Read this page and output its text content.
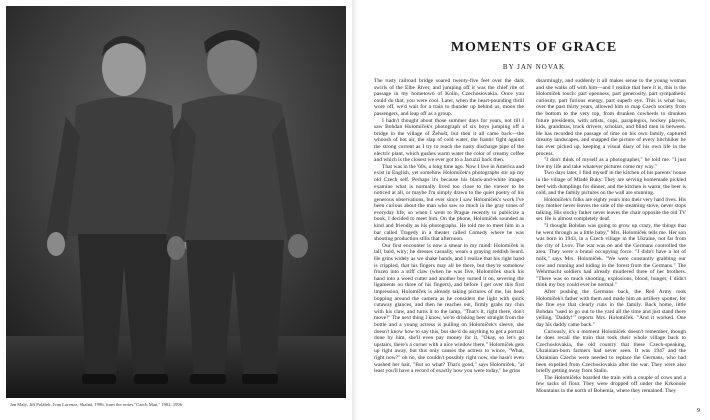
Jan Malý, Jiří Polášek, Ivan Lorenzz, Skalná, 1996, from the series "Czech Man," 1982–1996
MOMENTS OF GRACE

BY JAN NOVAK

The rusty railroad bridge soared twenty-five feet over the dark swirls of the Elbe River, and jumping off it was the chief rite of passage in my hometown of Kolín, Czechoslovakia. Once you could do that, you were cool. Later, when the heart-pounding thrill wore off, we'd wait for a train to thunder up behind us, moon the passengers, and leap off as a group.

I hadn't thought about those summer days for years, not till I saw Bohdan Holomíček's photograph of six boys jumping off a bridge in the village of Žehušt, but then it all came back—the whoosh of hot air, the slap of cold water, the frantic fight against the strong current as I try to reach the nasty discharge pipe of the electric plant, which gushes warm water the color of creamy coffee and which is the closest we ever got to a Jacuzzi back then.

That was in the '60s, a long time ago. Now I live in America and exist in English, yet somehow Holomíček's photographs stir up my old Czech self. Perhaps it's because his black-and-white images examine what is normally lived too close to the viewer to be noticed at all, or maybe I'm simply drawn to the quiet poetry of his generous observations, but ever since I saw Holomíček's work I've been curious about the man who saw so much in the gray tones of everyday life; so when I went to Prague recently to publicize a book, I decided to meet him. On the phone, Holomíček sounded as kind and friendly as his photographs. He told me to meet him in a bar called Tragedy in a theater called Comedy where he was shooting production stills that afternoon.

Our first encounter is now a smear in my mind: Holomíček is tall, bald, wiry; he dresses casually, wears a graying reddish beard. He grins widely as we shake hands, and I realize that his right hand is crippled, that his fingers may all be there, but they're somehow frozen into a stiff claw (when he was five, Holomíček stuck his hand into a weed cutter and another boy turned it on, severing the ligaments on three of his fingers), and before I get over this first impression, Holomíček is already taking pictures of me, his head bopping around the camera as he considers the light with quick cutaway glances, and then he reaches out, firmly grabs my chin with his claw, and turns it to the lamp, "That's it, right there, don't move!" The next thing I know, we're drinking beer straight from the bottle and a young actress is pulling on Holomíček's sleeve, she doesn't know how to say this, but she'd do anything to get a portrait done by him, she'll even pay money for it, "Okay, so let's go upstairs, there's a corner with a nice window there," Holomíček gets up right away, but this only causes the actress to wince, "What, right now?" oh no, she couldn't possibly right now, she hasn't even washed her hair, "But so what? That's good," says Holomíček, "at least you'll have a record of exactly how you were today," he grins

disarmingly, and suddenly it all makes sense to the young woman and she walks off with him—and I realize that here it is, this is the Holomíček touch: part openness, part generosity, part sympathetic curiosity, part furious energy, part superb eye. This is what has, over the past thirty years, allowed him to map Czech society from the bottom to the very top, from drunken cowherds to drunken future presidents, with artists, cops, paraplegics, hockey players, kids, grandmas, truck drivers, scholars, and blind men in between. He has recorded the passage of time on his own family, captured dreamy landscapes, and snapped the picture of every hitchhiker he has ever picked up, keeping a visual diary of his own life in the process.

"I don't think of myself as a photographer," he told me. "I just live my life and take whatever pictures come my way."

Two days later, I find myself in the kitchen of his parents' house in the village of Mladé Buky. They are serving homemade pickled beef with dumplings for dinner, and the kitchen is warm, the beer is cold, and the family pictures on the wall are stunning.

Holomíček's folks are eighty years into their very hard lives. His tiny mother never leaves the side of the steaming stove, never stops talking. His stocky father never leaves the chair opposite the old TV set. He is almost completely deaf.

"I thought Bohdan was going to grow up crazy, the things that he went through as a little baby," Mrs. Holomíček tells me. Her son was born in 1943, in a Czech village in the Ukraine, not far from the city of Lvov. The war was on and the Germans controlled the area. They were a brutal occupying force. "I didn't have a lot of milk," says Mrs. Holomíček. "We were constantly grabbing our cow and running and hiding in the forest from the Germans." The Wehrmacht soldiers had already murdered three of her brothers. "There was so much shooting, explosions, blood, hunger, I didn't think my boy could ever be normal."

After pushing the Germans back, the Red Army took Holomíček's father with them and made him an artillery spotter, for the fine eye that clearly runs in the family. Back home, little Bohdan "used to go out to the yard all the time and just stand there yelling, 'Daddy!'" reports Mrs. Holomíček. "And it worked. One day his daddy came back."

Curiously, it's a moment Holomíček doesn't remember, though he does recall the train that took their whole village back to Czechoslovakia, the old country that these Czech-speaking, Ukrainian-born farmers had never seen. It was 1947 and the Ukrainian Czechs were needed to replace the Germans, who had been expelled from Czechoslovakia after the war. They were also briefly getting away from Stalin.

The Holomíčeks boarded the train with a couple of cows and a few sacks of flour. They were dropped off under the Krkonoše Mountains in the north of Bohemia, where they remained. They

9
